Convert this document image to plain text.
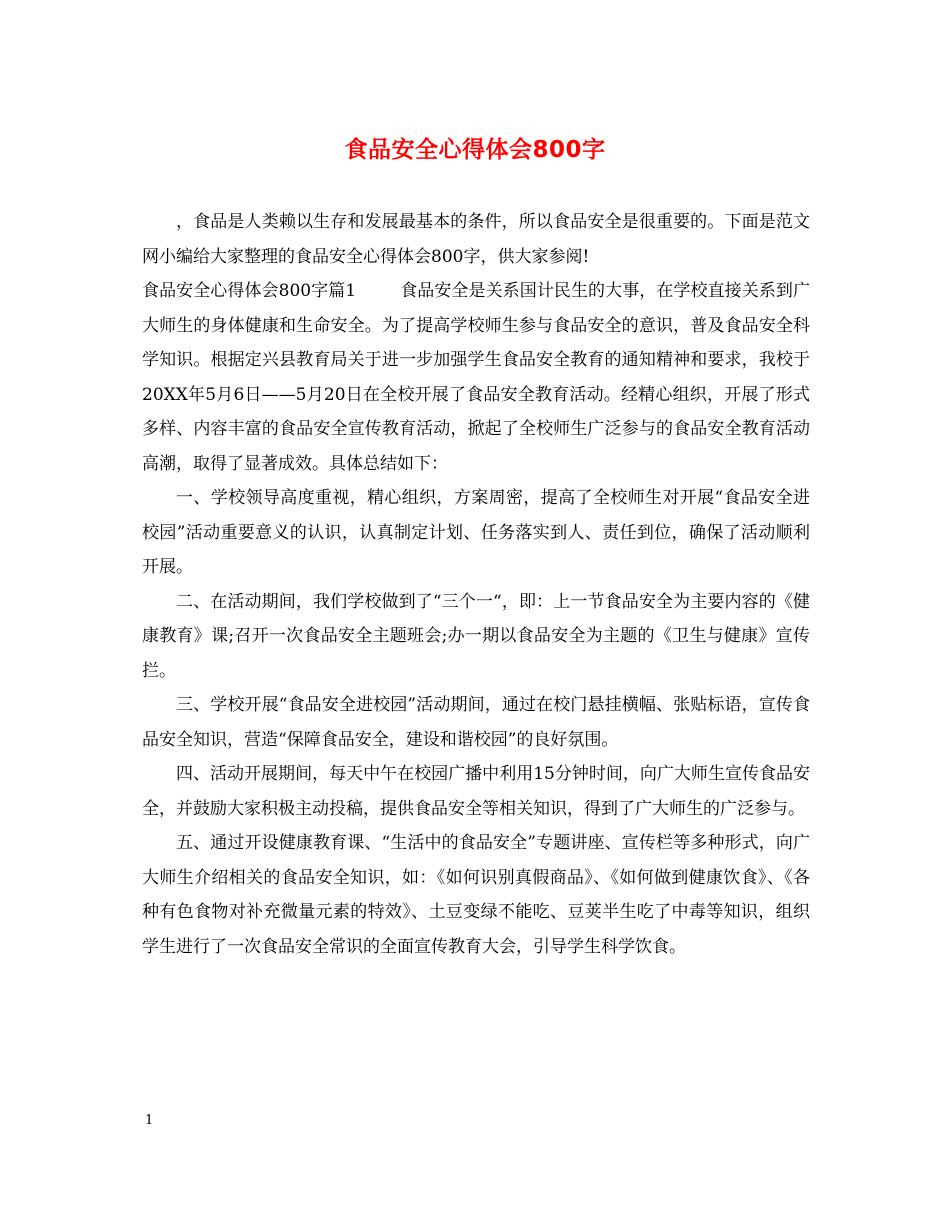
食品安全心得体会800字

，食品是人类赖以生存和发展最基本的条件，所以食品安全是很重要的。下面是范文网小编给大家整理的食品安全心得体会800字，供大家参阅!

食品安全心得体会800字篇1	食品安全是关系国计民生的大事，在学校直接关系到广大师生的身体健康和生命安全。为了提高学校师生参与食品安全的意识，普及食品安全科学知识。根据定兴县教育局关于进一步加强学生食品安全教育的通知精神和要求，我校于20XX年5月6日——5月20日在全校开展了食品安全教育活动。经精心组织，开展了形式多样、内容丰富的食品安全宣传教育活动，掀起了全校师生广泛参与的食品安全教育活动高潮，取得了显著成效。具体总结如下：

一、学校领导高度重视，精心组织，方案周密，提高了全校师生对开展“食品安全进校园”活动重要意义的认识，认真制定计划、任务落实到人、责任到位，确保了活动顺利开展。

二、在活动期间，我们学校做到了“三个一“，即：上一节食品安全为主要内容的《健康教育》课;召开一次食品安全主题班会;办一期以食品安全为主题的《卫生与健康》宣传拦。

三、学校开展“食品安全进校园”活动期间，通过在校门悬挂横幅、张贴标语，宣传食品安全知识，营造“保障食品安全，建设和谐校园”的良好氛围。

四、活动开展期间，每天中午在校园广播中利用15分钟时间，向广大师生宣传食品安全，并鼓励大家积极主动投稿，提供食品安全等相关知识，得到了广大师生的广泛参与。

五、通过开设健康教育课、“生活中的食品安全”专题讲座、宣传栏等多种形式，向广大师生介绍相关的食品安全知识，如：《如何识别真假商品》、《如何做到健康饮食》、《各种有色食物对补充微量元素的特效》、土豆变绿不能吃、豆荚半生吃了中毒等知识，组织学生进行了一次食品安全常识的全面宣传教育大会，引导学生科学饮食。

1
